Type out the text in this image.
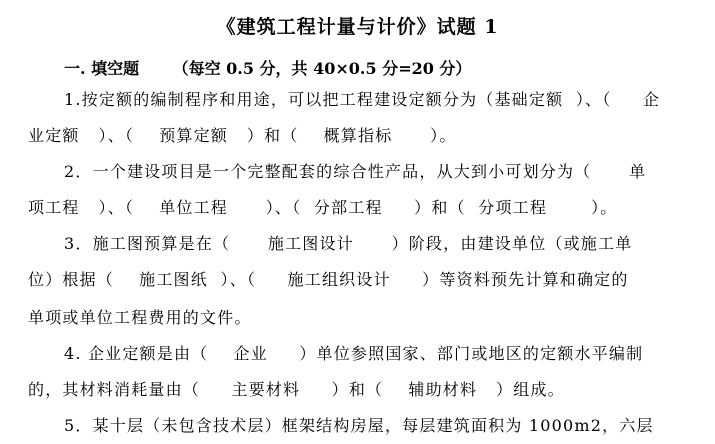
《建筑工程计量与计价》试题 1
一. 填空题      （每空 0.5 分，共 40×0.5 分=20 分）
1.按定额的编制程序和用途，可以把工程建设定额分为（基础定额  ）、（     企
业定额   ）、（    预算定额   ）和（    概算指标      ）。
2．一个建设项目是一个完整配套的综合性产品，从大到小可划分为（      单
项工程   ）、（    单位工程      ）、（  分部工程     ）和（  分项工程       ）。
3．施工图预算是在（      施工图设计      ）阶段，由建设单位（或施工单
位）根据（    施工图纸  ）、（     施工组织设计     ）等资料预先计算和确定的
单项或单位工程费用的文件。
4. 企业定额是由（    企业     ）单位参照国家、部门或地区的定额水平编制
的，其材料消耗量由（     主要材料     ）和（    辅助材料   ）组成。
5．某十层（未包含技术层）框架结构房屋，每层建筑面积为 1000m2，六层
